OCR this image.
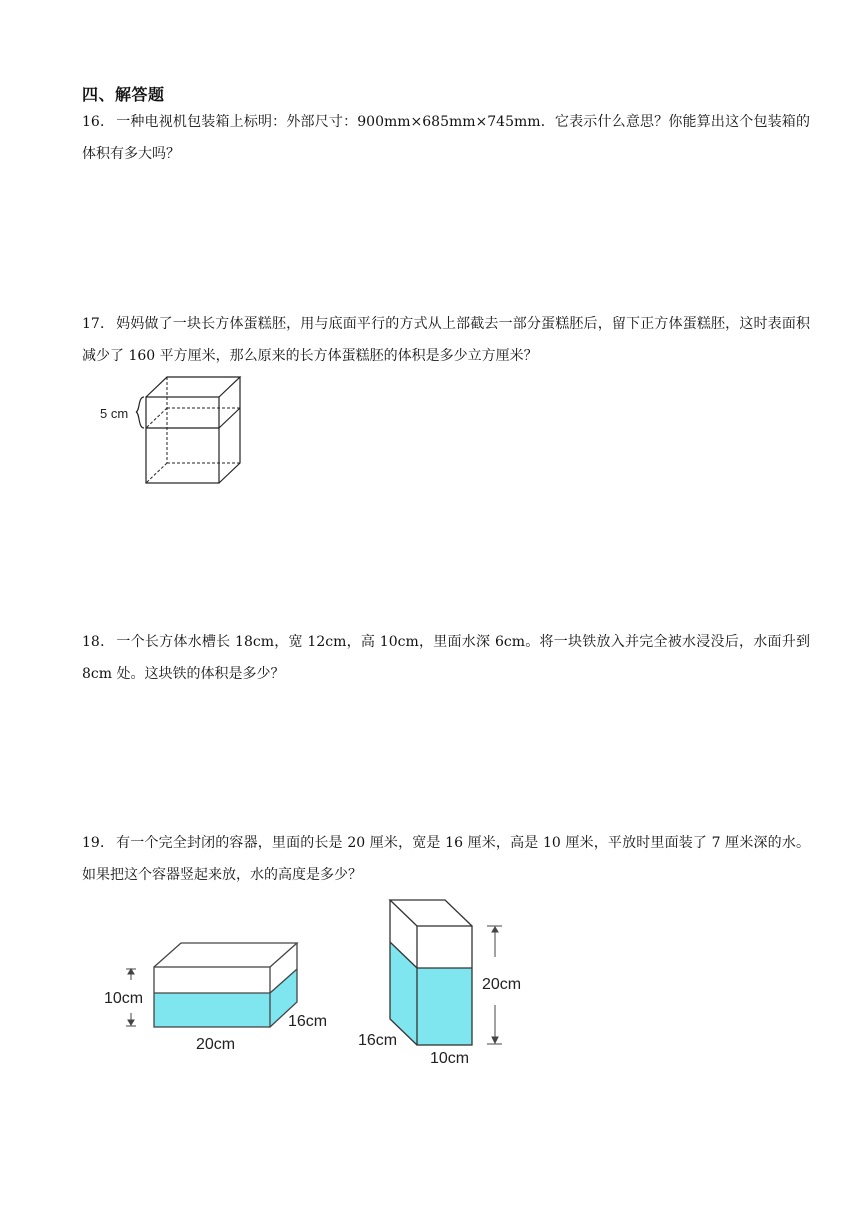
四、解答题
16． 一种电视机包装箱上标明：外部尺寸：900mm×685mm×745mm．它表示什么意思？你能算出这个包装箱的体积有多大吗？
17． 妈妈做了一块长方体蛋糕胚，用与底面平行的方式从上部截去一部分蛋糕胚后，留下正方体蛋糕胚，这时表面积减少了 160 平方厘米，那么原来的长方体蛋糕胚的体积是多少立方厘米？
5 cm
18． 一个长方体水槽长 18cm，宽 12cm，高 10cm，里面水深 6cm。将一块铁放入并完全被水浸没后，水面升到 8cm 处。这块铁的体积是多少？
19． 有一个完全封闭的容器，里面的长是 20 厘米，宽是 16 厘米，高是 10 厘米，平放时里面装了 7 厘米深的水。如果把这个容器竖起来放，水的高度是多少？
10cm
20cm
16cm
20cm
16cm
10cm
